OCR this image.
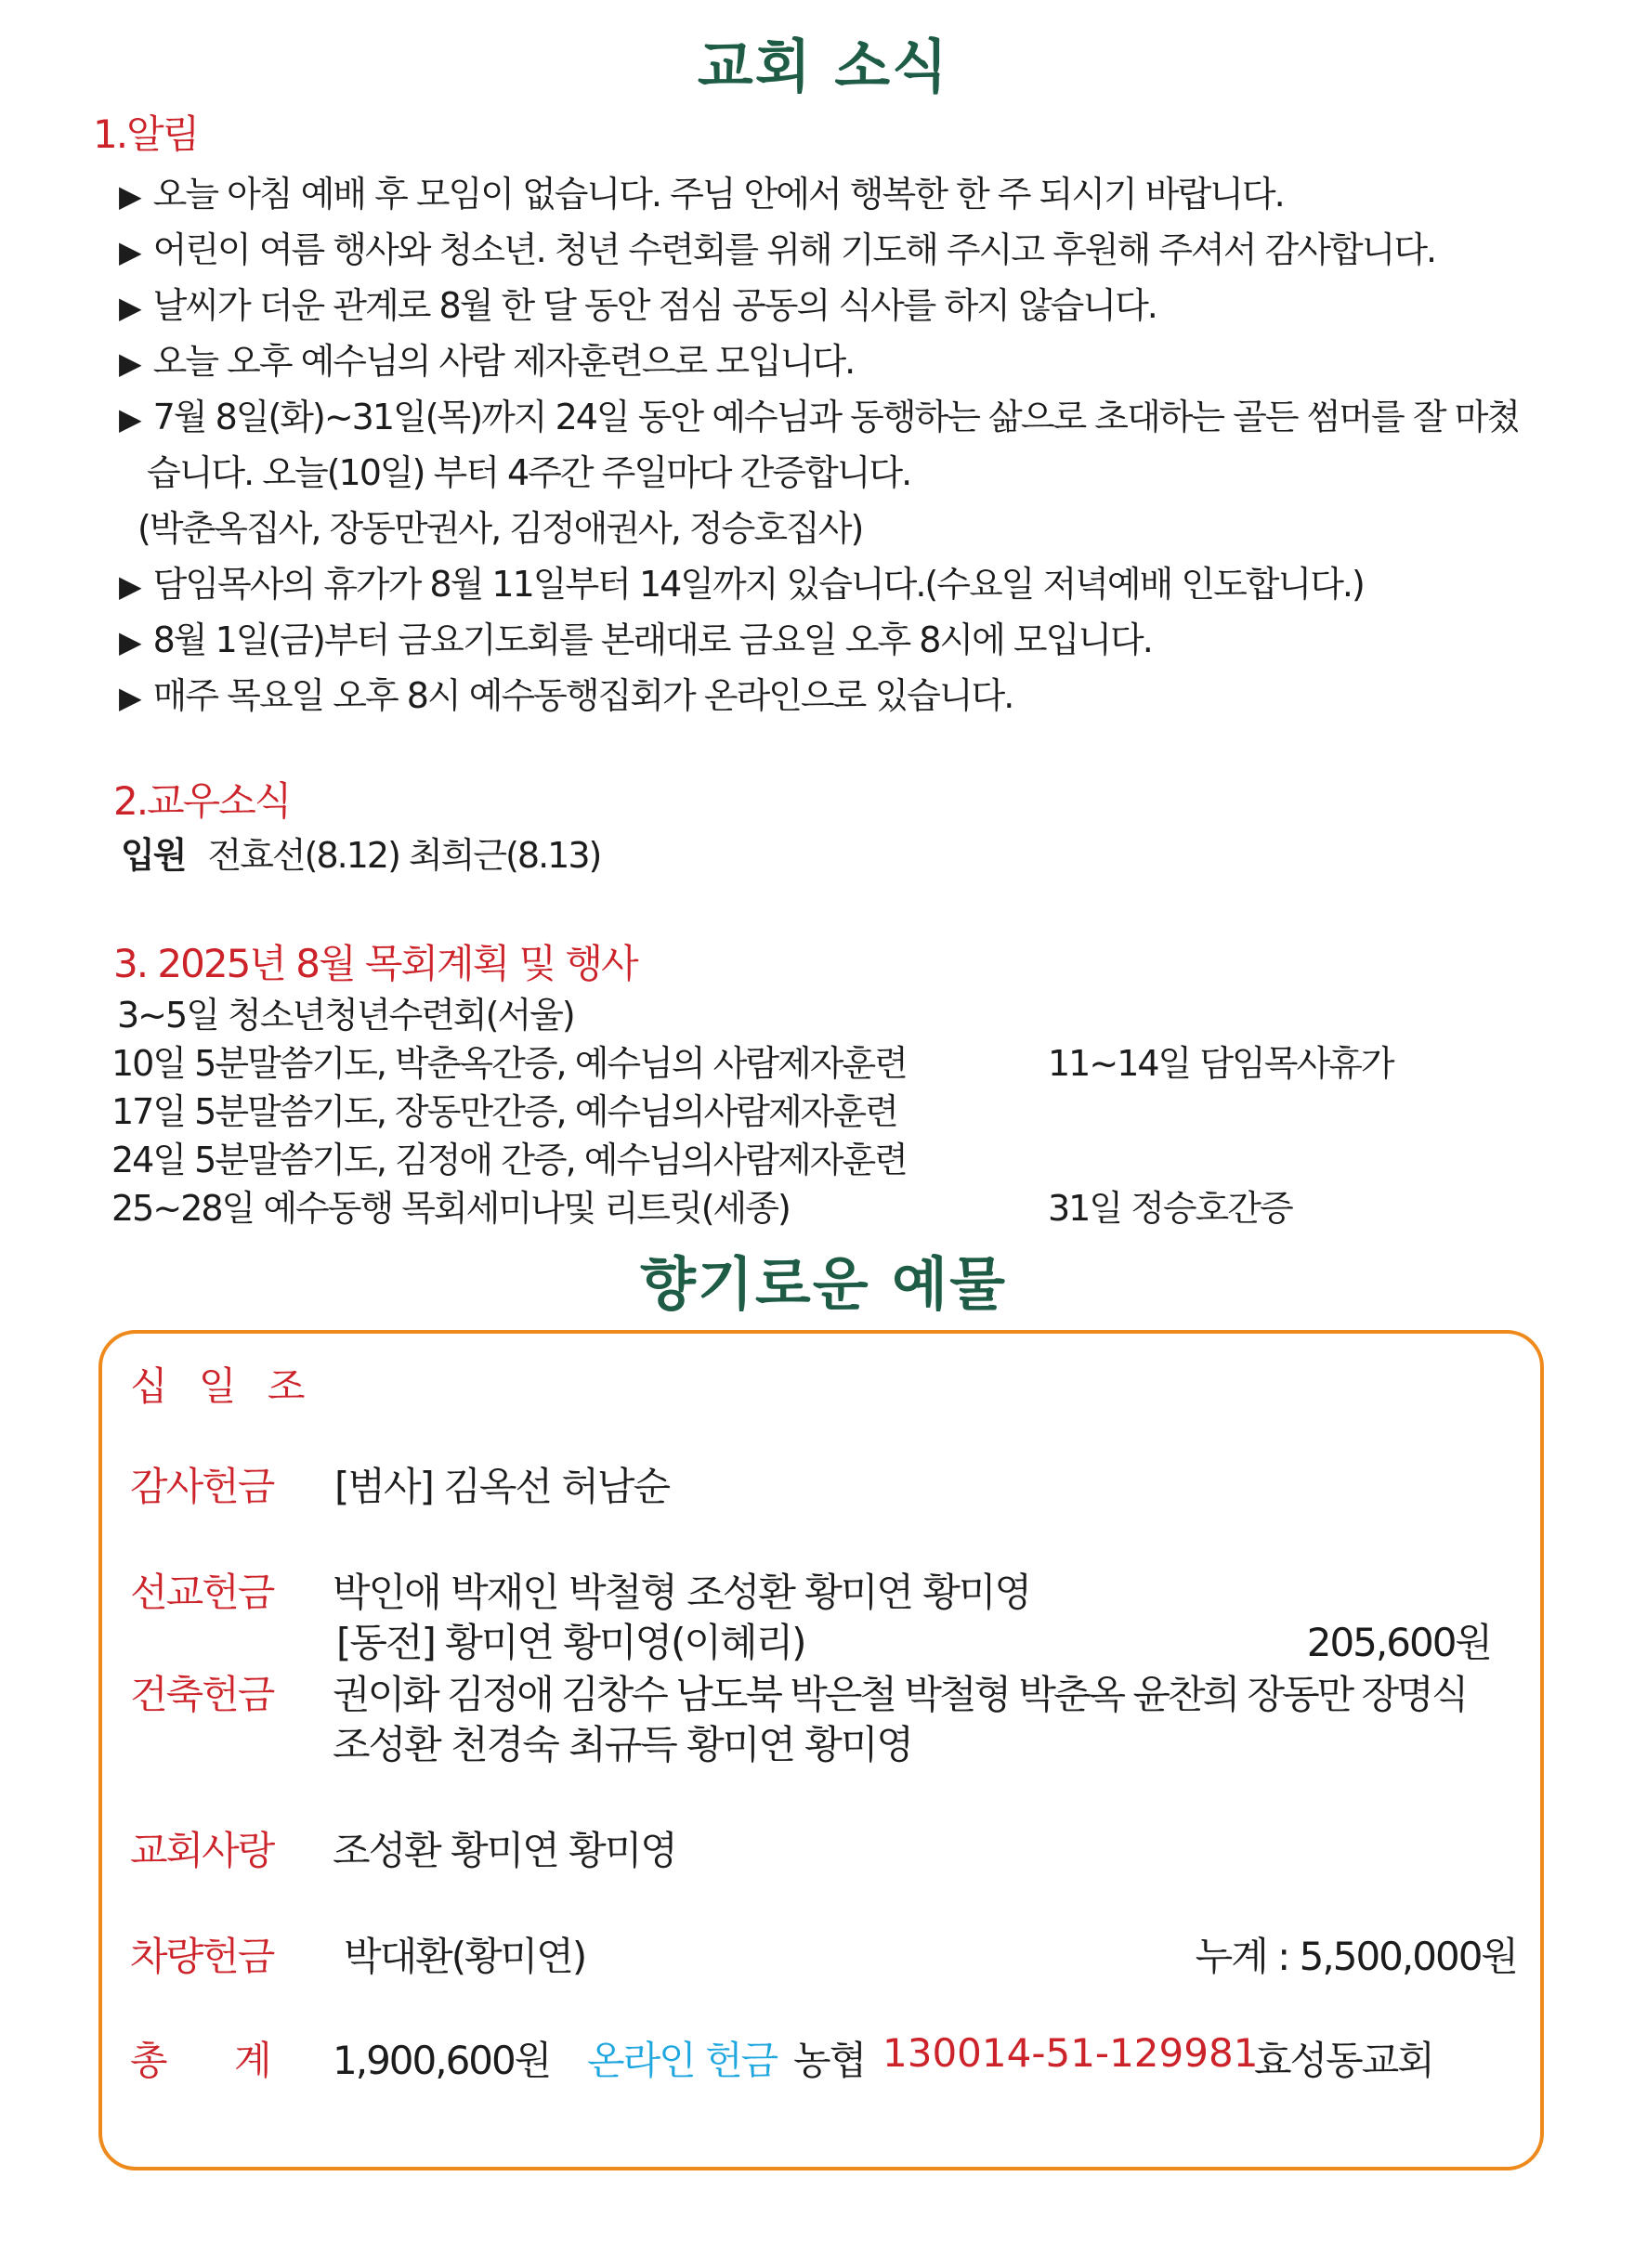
교회 소식
1.알림
▶ 오늘 아침 예배 후 모임이 없습니다. 주님 안에서 행복한 한 주 되시기 바랍니다.
▶ 어린이 여름 행사와 청소년. 청년 수련회를 위해 기도해 주시고 후원해 주셔서 감사합니다.
▶ 날씨가 더운 관계로 8월 한 달 동안 점심 공동의 식사를 하지 않습니다.
▶ 오늘 오후 예수님의 사람 제자훈련으로 모입니다.
▶ 7월 8일(화)~31일(목)까지 24일 동안 예수님과 동행하는 삶으로 초대하는 골든 썸머를 잘 마쳤
습니다. 오늘(10일) 부터 4주간 주일마다 간증합니다.
(박춘옥집사, 장동만권사, 김정애권사, 정승호집사)
▶ 담임목사의 휴가가 8월 11일부터 14일까지 있습니다.(수요일 저녁예배 인도합니다.)
▶ 8월 1일(금)부터 금요기도회를 본래대로 금요일 오후 8시에 모입니다.
▶ 매주 목요일 오후 8시 예수동행집회가 온라인으로 있습니다.
2.교우소식
입원 전효선(8.12) 최희근(8.13)
3. 2025년 8월 목회계획 및 행사
3~5일 청소년청년수련회(서울)
10일 5분말씀기도, 박춘옥간증, 예수님의 사람제자훈련	11~14일 담임목사휴가
17일 5분말씀기도, 장동만간증, 예수님의사람제자훈련
24일 5분말씀기도, 김정애 간증, 예수님의사람제자훈련
25~28일 예수동행 목회세미나및 리트릿(세종)	31일 정승호간증
향기로운 예물
십 일 조
감사헌금 [범사] 김옥선 허남순
선교헌금 박인애 박재인 박철형 조성환 황미연 황미영
[동전] 황미연 황미영(이혜리)	205,600원
건축헌금 권이화 김정애 김창수 남도북 박은철 박철형 박춘옥 윤찬희 장동만 장명식
조성환 천경숙 최규득 황미연 황미영
교회사랑 조성환 황미연 황미영
차량헌금 박대환(황미연)	누계 : 5,500,000원
총 계 1,900,600원 온라인 헌금 농협 130014-51-129981
효성동교회
